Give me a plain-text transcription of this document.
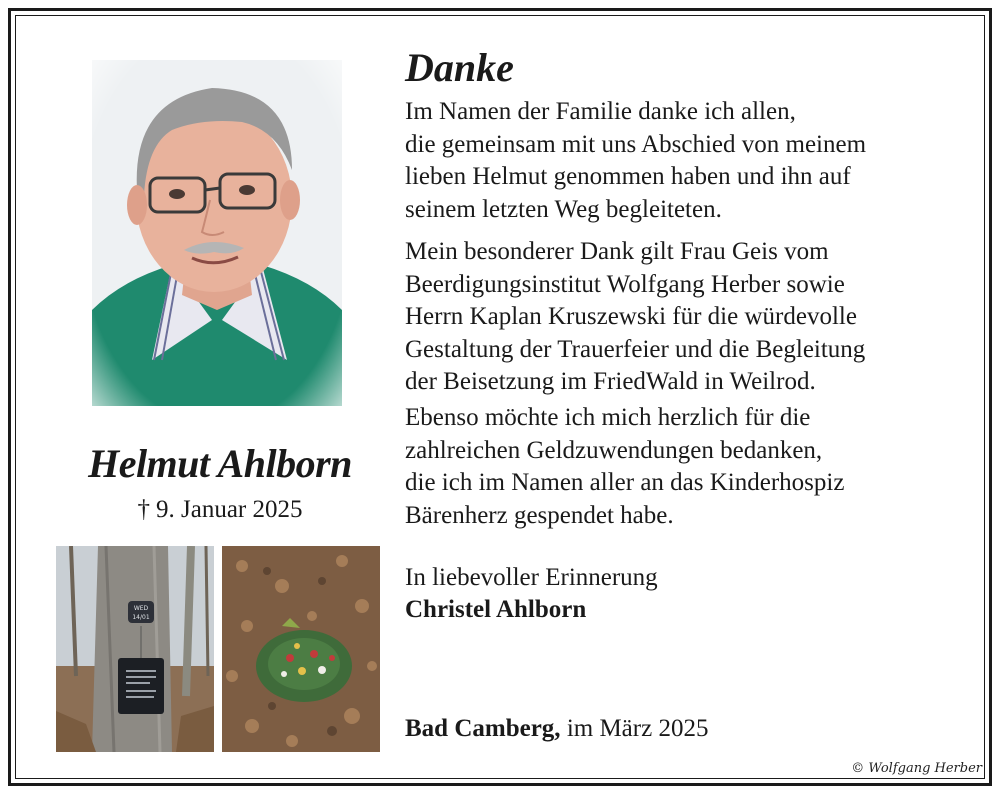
Helmut Ahlborn
† 9. Januar 2025
WED
14/01
Danke
Im Namen der Familie danke ich allen,
die gemeinsam mit uns Abschied von meinem
lieben Helmut genommen haben und ihn auf
seinem letzten Weg begleiteten.
Mein besonderer Dank gilt Frau Geis vom
Beerdigungsinstitut Wolfgang Herber sowie
Herrn Kaplan Kruszewski für die würdevolle
Gestaltung der Trauerfeier und die Begleitung
der Beisetzung im FriedWald in Weilrod.
Ebenso möchte ich mich herzlich für die
zahlreichen Geldzuwendungen bedanken,
die ich im Namen aller an das Kinderhospiz
Bärenherz gespendet habe.
In liebevoller Erinnerung
Christel Ahlborn
Bad Camberg, im März 2025
© Wolfgang Herber
